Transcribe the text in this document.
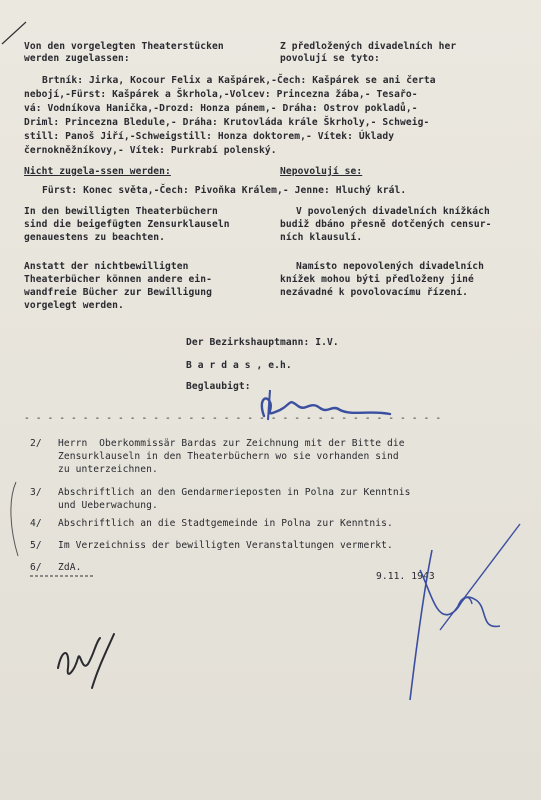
Von den vorgelegten Theaterstücken
werden zugelassen:
Z předložených divadelních her
povolují se tyto:
Brtník: Jirka, Kocour Felix a Kašpárek,-Čech: Kašpárek se ani čerta
nebojí,-Fürst: Kašpárek a Škrhola,-Volcev: Princezna žába,- Tesařo-
vá: Vodníkova Hanička,-Drozd: Honza pánem,- Dráha: Ostrov pokladů,-
Driml: Princezna Bledule,- Dráha: Krutovláda krále Škrholy,- Schweig-
still: Panoš Jiří,-Schweigstill: Honza doktorem,- Vítek: Úklady
černokněžníkovy,- Vítek: Purkrabí polenský.
Nicht zugela-ssen werden:	Nepovolují se:
Fürst: Konec světa,-Čech: Pivoňka Králem,- Jenne: Hluchý král.
In den bewilligten Theaterbüchern
sind die beigefügten Zensurklauseln
genauestens zu beachten.
V povolených divadelních knížkách
budiž dbáno přesně dotčených censur-
ních klausulí.
Anstatt der nichtbewilligten
Theaterbücher können andere ein-
wandfreie Bücher zur Bewilligung
vorgelegt werden.
Namísto nepovolených divadelních
knížek mohou býti předloženy jiné
nezávadné k povolovacímu řízení.
Der Bezirkshauptmann: I.V.
B a r d a s , e.h.
Beglaubigt:
- - - - - - - - - - - - - - - - - - - - - - - - - - - - - - - - - - - -
2/ Herrn  Oberkommissär Bardas zur Zeichnung mit der Bitte die
Zensurklauseln in den Theaterbüchern wo sie vorhanden sind
zu unterzeichnen.
3/ Abschriftlich an den Gendarmerieposten in Polna zur Kenntnis
und Ueberwachung.
4/ Abschriftlich an die Stadtgemeinde in Polna zur Kenntnis.
5/ Im Verzeichniss der bewilligten Veranstaltungen vermerkt.
6/ ZdA.
9.11. 1943
